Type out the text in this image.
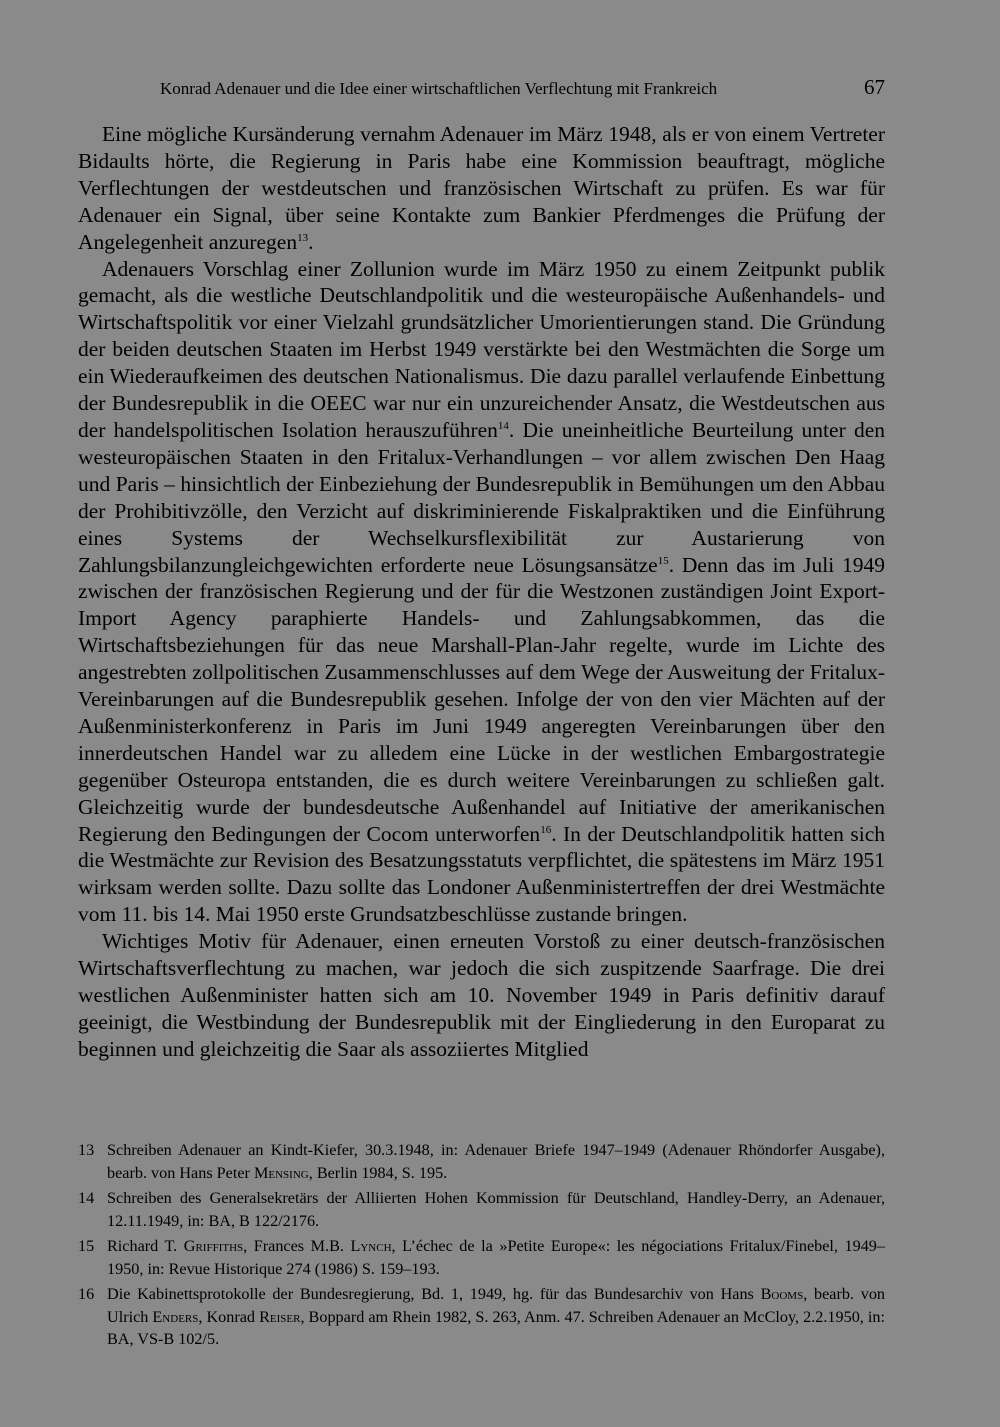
Konrad Adenauer und die Idee einer wirtschaftlichen Verflechtung mit Frankreich	67

Eine mögliche Kursänderung vernahm Adenauer im März 1948, als er von einem Vertreter Bidaults hörte, die Regierung in Paris habe eine Kommission beauftragt, mögliche Verflechtungen der westdeutschen und französischen Wirtschaft zu prüfen. Es war für Adenauer ein Signal, über seine Kontakte zum Bankier Pferdmenges die Prüfung der Angelegenheit anzuregen$^{13}$.

Adenauers Vorschlag einer Zollunion wurde im März 1950 zu einem Zeitpunkt publik gemacht, als die westliche Deutschlandpolitik und die westeuropäische Außenhandels- und Wirtschaftspolitik vor einer Vielzahl grundsätzlicher Umorientierungen stand. Die Gründung der beiden deutschen Staaten im Herbst 1949 verstärkte bei den Westmächten die Sorge um ein Wiederaufkeimen des deutschen Nationalismus. Die dazu parallel verlaufende Einbettung der Bundesrepublik in die OEEC war nur ein unzureichender Ansatz, die Westdeutschen aus der handelspolitischen Isolation herauszuführen$^{14}$. Die uneinheitliche Beurteilung unter den westeuropäischen Staaten in den Fritalux-Verhandlungen – vor allem zwischen Den Haag und Paris – hinsichtlich der Einbeziehung der Bundesrepublik in Bemühungen um den Abbau der Prohibitivzölle, den Verzicht auf diskriminierende Fiskalpraktiken und die Einführung eines Systems der Wechselkursflexibilität zur Austarierung von Zahlungsbilanzungleichgewichten erforderte neue Lösungsansätze$^{15}$. Denn das im Juli 1949 zwischen der französischen Regierung und der für die Westzonen zuständigen Joint Export-Import Agency paraphierte Handels- und Zahlungsabkommen, das die Wirtschaftsbeziehungen für das neue Marshall-Plan-Jahr regelte, wurde im Lichte des angestrebten zollpolitischen Zusammenschlusses auf dem Wege der Ausweitung der Fritalux-Vereinbarungen auf die Bundesrepublik gesehen. Infolge der von den vier Mächten auf der Außenministerkonferenz in Paris im Juni 1949 angeregten Vereinbarungen über den innerdeutschen Handel war zu alledem eine Lücke in der westlichen Embargostrategie gegenüber Osteuropa entstanden, die es durch weitere Vereinbarungen zu schließen galt. Gleichzeitig wurde der bundesdeutsche Außenhandel auf Initiative der amerikanischen Regierung den Bedingungen der Cocom unterworfen$^{16}$. In der Deutschlandpolitik hatten sich die Westmächte zur Revision des Besatzungsstatuts verpflichtet, die spätestens im März 1951 wirksam werden sollte. Dazu sollte das Londoner Außenministertreffen der drei Westmächte vom 11. bis 14. Mai 1950 erste Grundsatzbeschlüsse zustande bringen.

Wichtiges Motiv für Adenauer, einen erneuten Vorstoß zu einer deutsch-französischen Wirtschaftsverflechtung zu machen, war jedoch die sich zuspitzende Saarfrage. Die drei westlichen Außenminister hatten sich am 10. November 1949 in Paris definitiv darauf geeinigt, die Westbindung der Bundesrepublik mit der Eingliederung in den Europarat zu beginnen und gleichzeitig die Saar als assoziiertes Mitglied

13 Schreiben Adenauer an Kindt-Kiefer, 30.3.1948, in: Adenauer Briefe 1947–1949 (Adenauer Rhöndorfer Ausgabe), bearb. von Hans Peter Mensing, Berlin 1984, S. 195.
14 Schreiben des Generalsekretärs der Alliierten Hohen Kommission für Deutschland, Handley-Derry, an Adenauer, 12.11.1949, in: BA, B 122/2176.
15 Richard T. Griffiths, Frances M.B. Lynch, L’échec de la »Petite Europe«: les négociations Fritalux/Finebel, 1949–1950, in: Revue Historique 274 (1986) S. 159–193.
16 Die Kabinettsprotokolle der Bundesregierung, Bd. 1, 1949, hg. für das Bundesarchiv von Hans Booms, bearb. von Ulrich Enders, Konrad Reiser, Boppard am Rhein 1982, S. 263, Anm. 47. Schreiben Adenauer an McCloy, 2.2.1950, in: BA, VS-B 102/5.
